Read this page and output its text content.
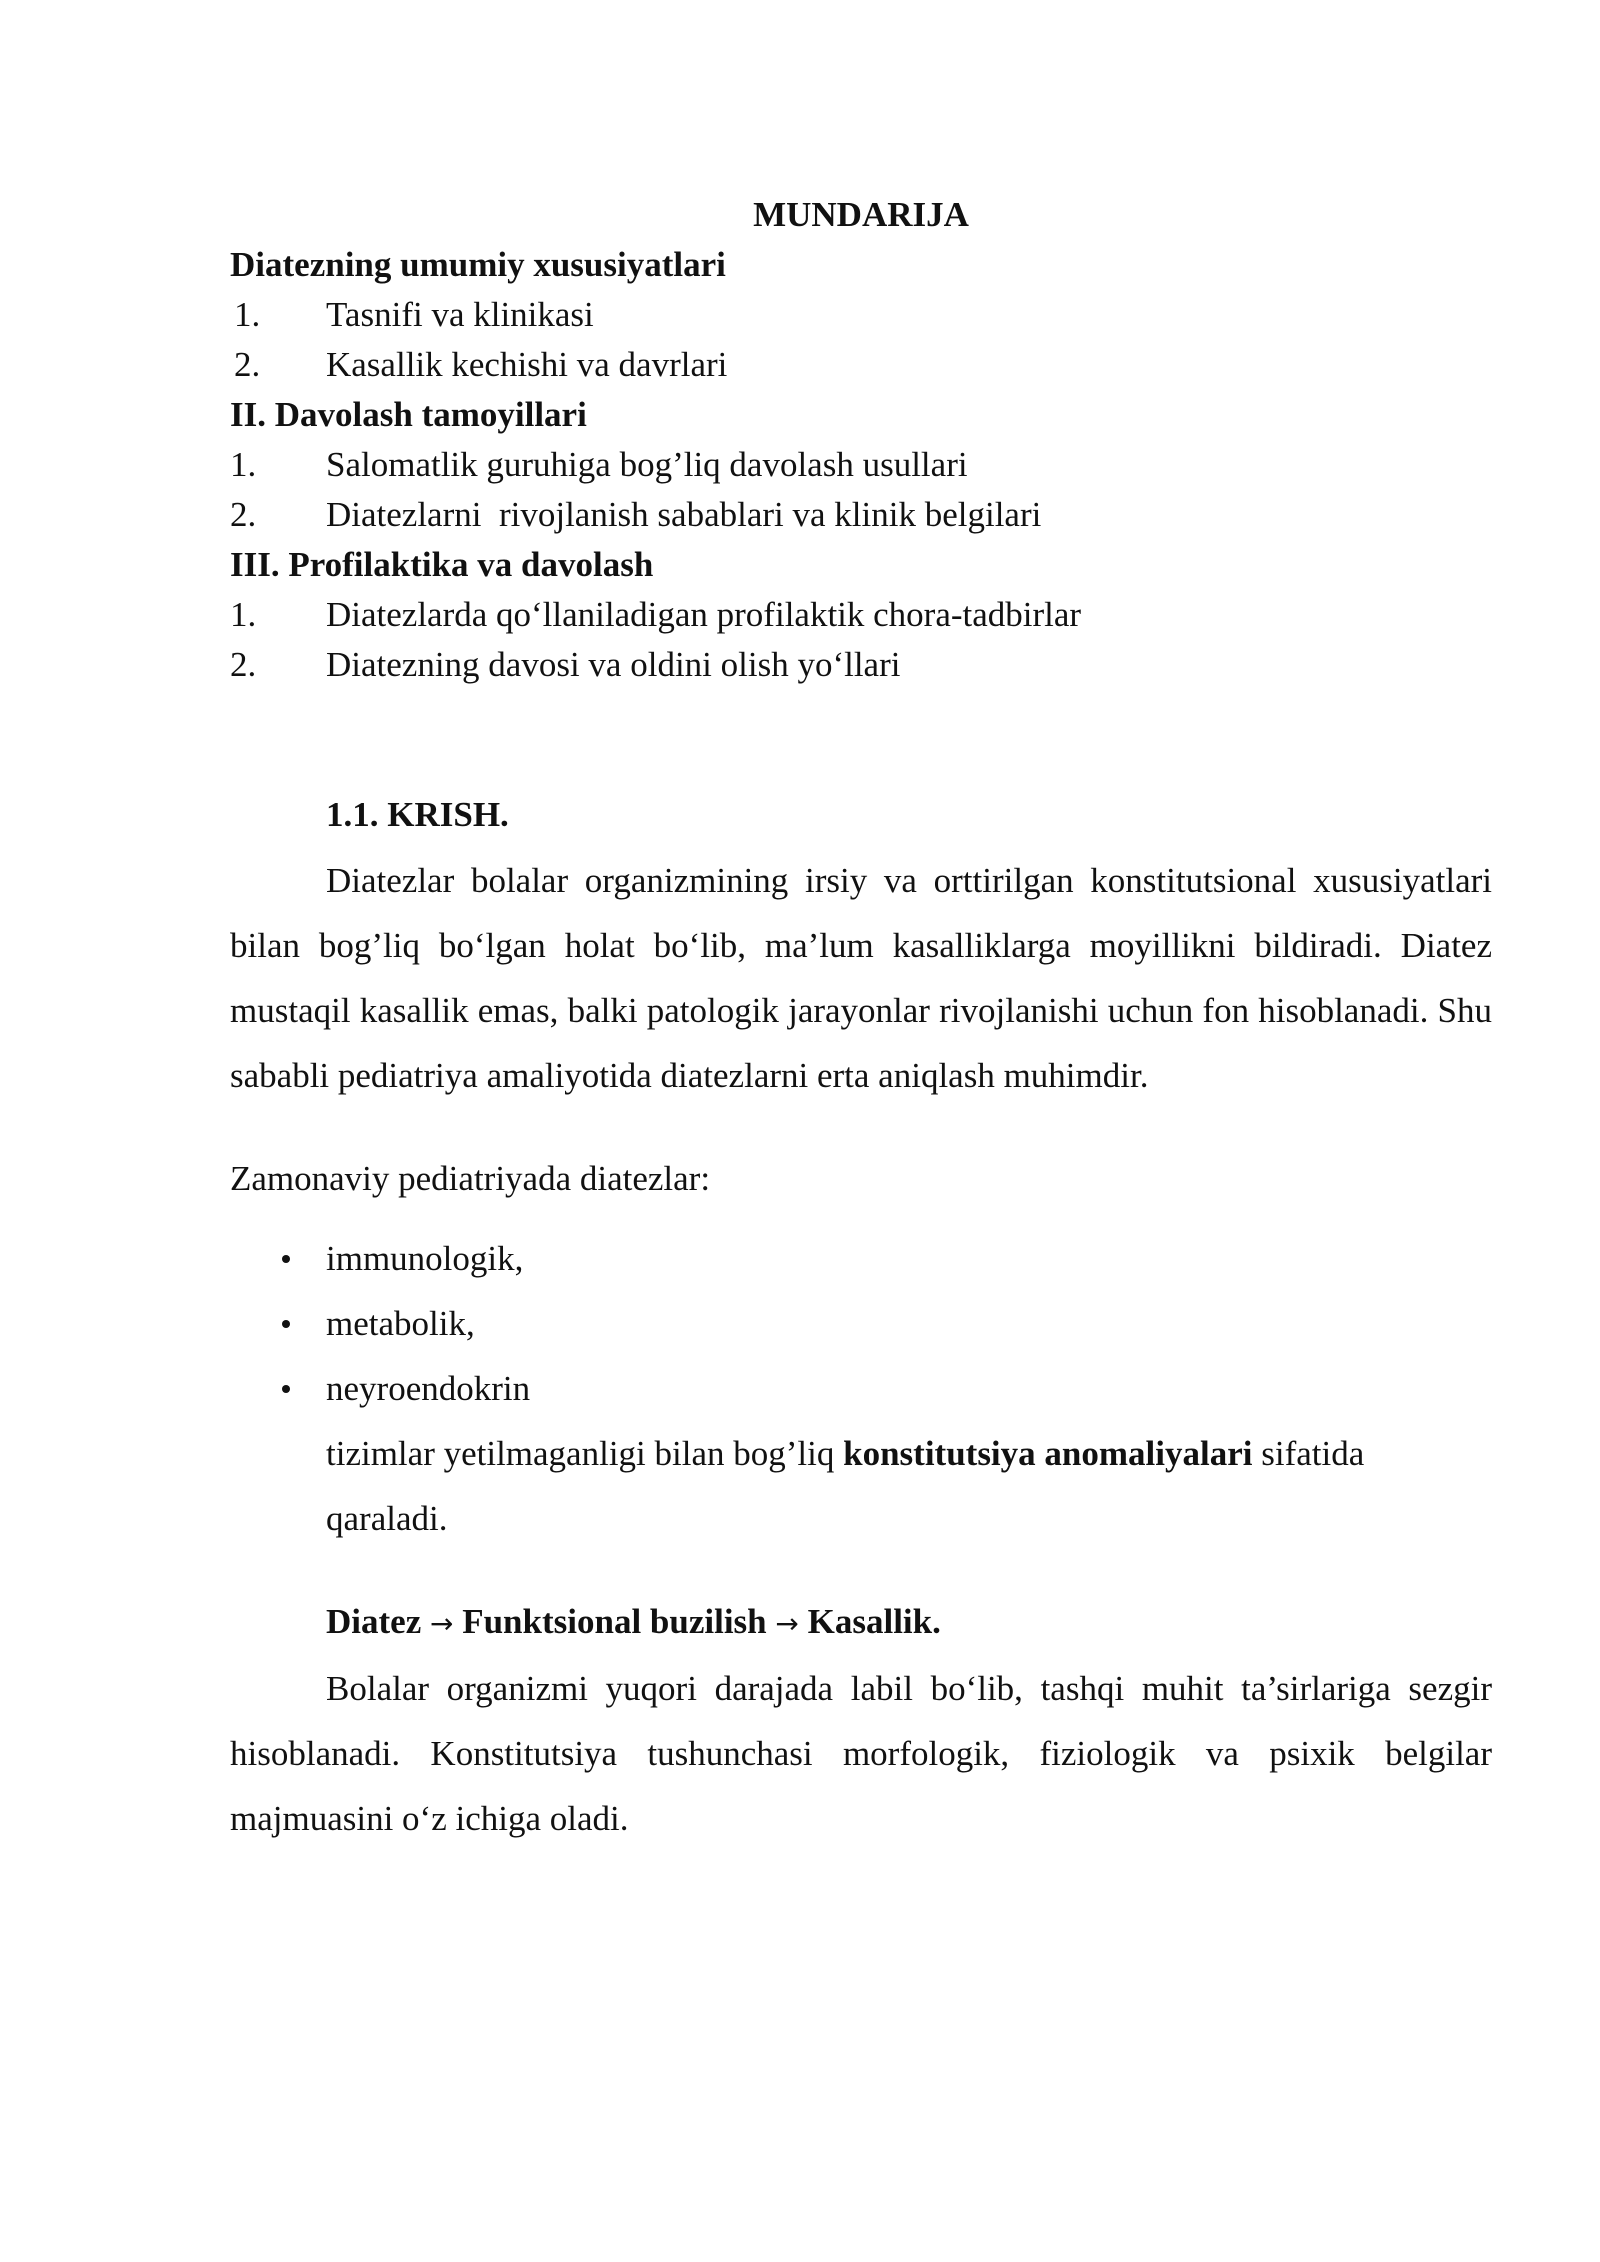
MUNDARIJA

Diatezning umumiy xususiyatlari

1.	Tasnifi va klinikasi
2.	Kasallik kechishi va davrlari

II. Davolash tamoyillari

1.	Salomatlik guruhiga bog’liq davolash usullari
2.	Diatezlarni  rivojlanish sabablari va klinik belgilari

III. Profilaktika va davolash

1.	Diatezlarda qo‘llaniladigan profilaktik chora-tadbirlar
2.	Diatezning davosi va oldini olish yo‘llari

1.1. KRISH.

Diatezlar bolalar organizmining irsiy va orttirilgan konstitutsional xususiyatlari bilan bog’liq bo‘lgan holat bo‘lib, ma’lum kasalliklarga moyillikni bildiradi. Diatez mustaqil kasallik emas, balki patologik jarayonlar rivojlanishi uchun fon hisoblanadi. Shu sababli pediatriya amaliyotida diatezlarni erta aniqlash muhimdir.

Zamonaviy pediatriyada diatezlar:

immunologik,
metabolik,
neyroendokrin

tizimlar yetilmaganligi bilan bog’liq konstitutsiya anomaliyalari sifatida qaraladi.

Diatez → Funktsional buzilish → Kasallik.

Bolalar organizmi yuqori darajada labil bo‘lib, tashqi muhit ta’sirlariga sezgir hisoblanadi. Konstitutsiya tushunchasi morfologik, fiziologik va psixik belgilar majmuasini o‘z ichiga oladi.
